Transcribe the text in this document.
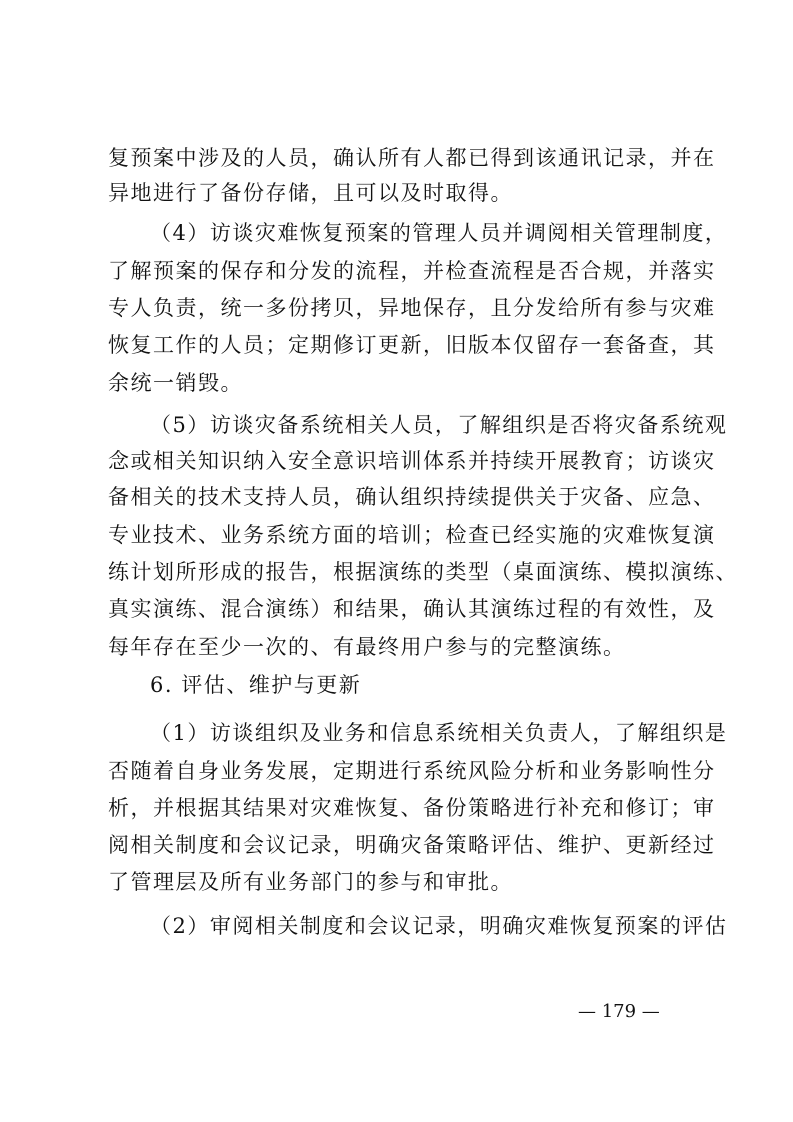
复预案中涉及的人员，确认所有人都已得到该通讯记录，并在
异地进行了备份存储，且可以及时取得。
（4）访谈灾难恢复预案的管理人员并调阅相关管理制度，
了解预案的保存和分发的流程，并检查流程是否合规，并落实
专人负责，统一多份拷贝，异地保存，且分发给所有参与灾难
恢复工作的人员；定期修订更新，旧版本仅留存一套备查，其
余统一销毁。
（5）访谈灾备系统相关人员，了解组织是否将灾备系统观
念或相关知识纳入安全意识培训体系并持续开展教育；访谈灾
备相关的技术支持人员，确认组织持续提供关于灾备、应急、
专业技术、业务系统方面的培训；检查已经实施的灾难恢复演
练计划所形成的报告，根据演练的类型（桌面演练、模拟演练、
真实演练、混合演练）和结果，确认其演练过程的有效性，及
每年存在至少一次的、有最终用户参与的完整演练。
6. 评估、维护与更新
（1）访谈组织及业务和信息系统相关负责人，了解组织是
否随着自身业务发展，定期进行系统风险分析和业务影响性分
析，并根据其结果对灾难恢复、备份策略进行补充和修订；审
阅相关制度和会议记录，明确灾备策略评估、维护、更新经过
了管理层及所有业务部门的参与和审批。
（2）审阅相关制度和会议记录，明确灾难恢复预案的评估
— 179 —
